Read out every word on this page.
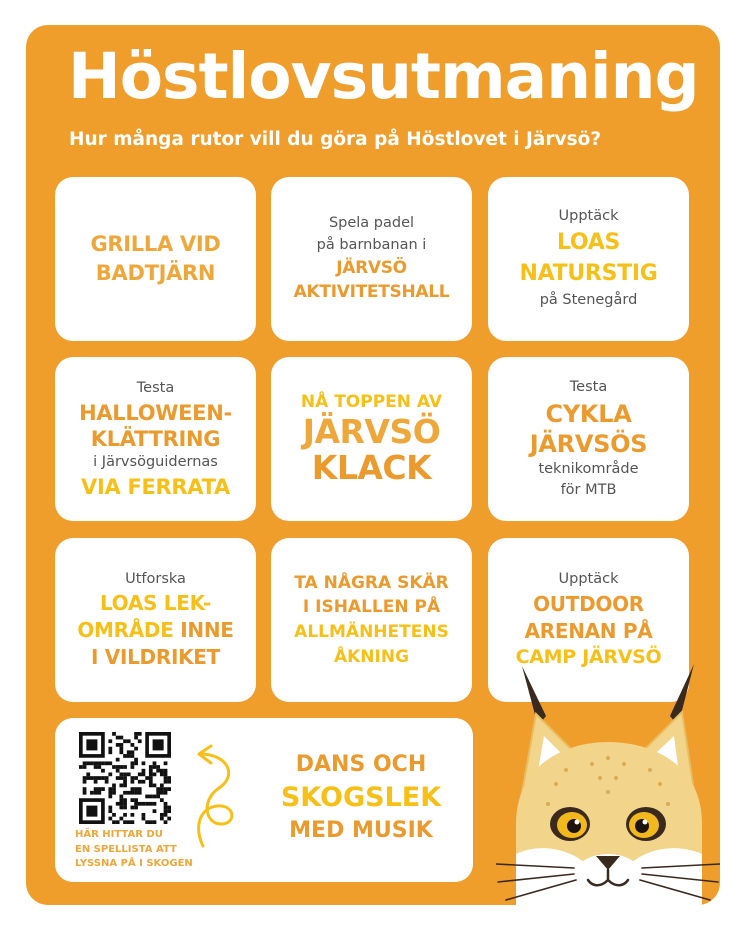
Höstlovsutmaning

Hur många rutor vill du göra på Höstlovet i Järvsö?

GRILLA VID
BADTJÄRN
Spela padel
på barnbanan i
JÄRVSÖ
AKTIVITETSHALL
Upptäck
LOAS
NATURSTIG
på Stenegård
Testa
HALLOWEEN-
KLÄTTRING
i Järvsöguidernas
VIA FERRATA
NÅ TOPPEN AV
JÄRVSÖ
KLACK
Testa
CYKLA
JÄRVSÖS
teknikområde
för MTB
Utforska
LOAS LEK-
OMRÅDE INNE
I VILDRIKET
TA NÅGRA SKÄR
I ISHALLEN PÅ
ALLMÄNHETENS
ÅKNING
Upptäck
OUTDOOR
ARENAN PÅ
CAMP JÄRVSÖ
HÄR HITTAR DU
EN SPELLISTA ATT
LYSSNA PÅ I SKOGEN
DANS OCH
SKOGSLEK
MED MUSIK
